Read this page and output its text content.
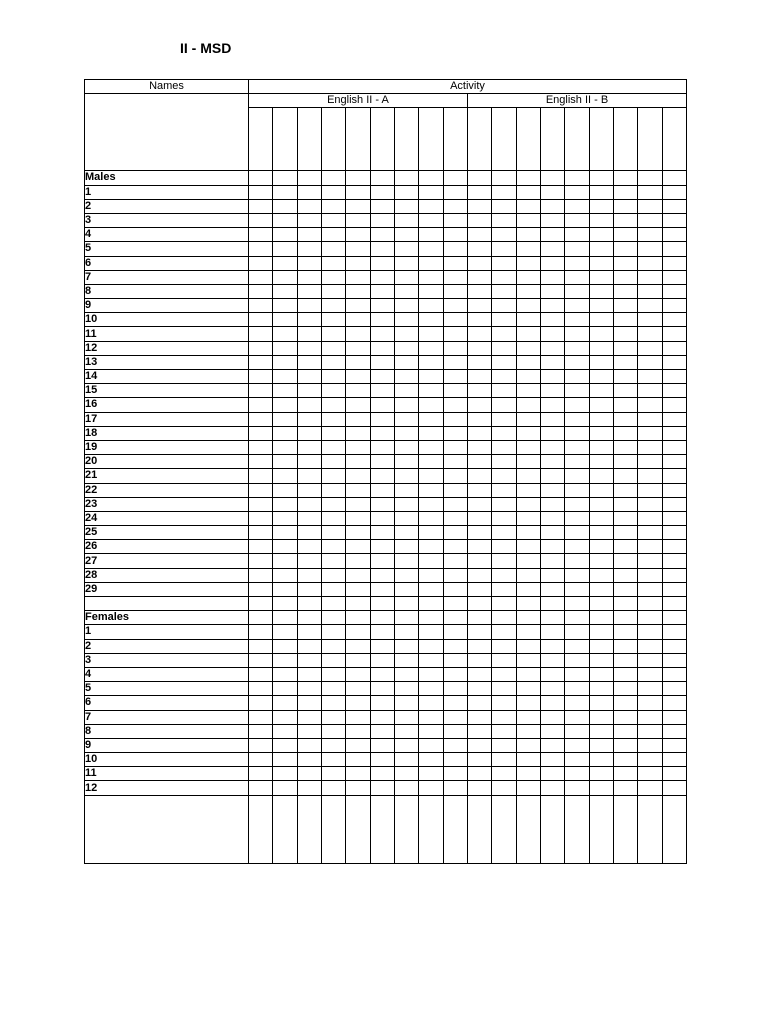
II - MSD
Names	Activity																	
	English II - A									English II - B								

Males																		
1																		
2																		
3																		
4																		
5																		
6																		
7																		
8																		
9																		
10																		
11																		
12																		
13																		
14																		
15																		
16																		
17																		
18																		
19																		
20																		
21																		
22																		
23																		
24																		
25																		
26																		
27																		
28																		
29																		

Females																		
1																		
2																		
3																		
4																		
5																		
6																		
7																		
8																		
9																		
10																		
11																		
12																		
